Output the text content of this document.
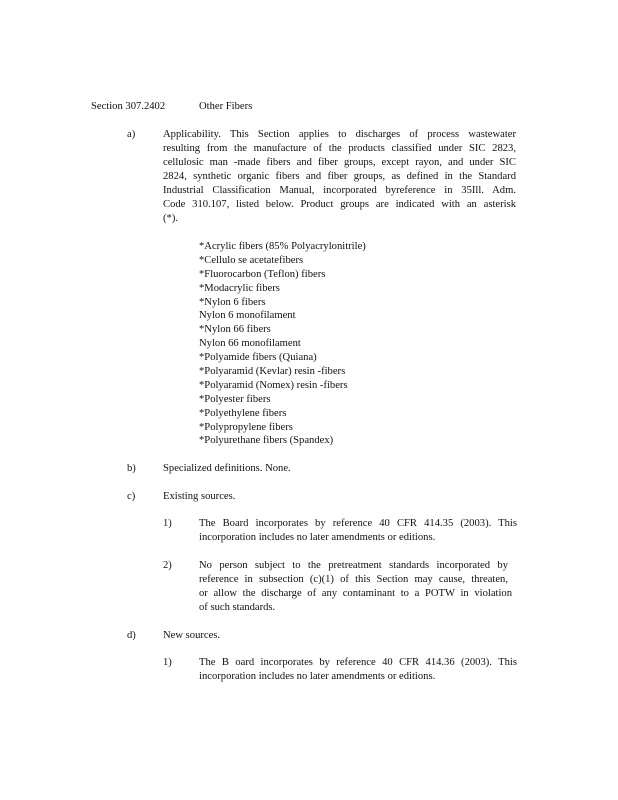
Section 307.2402	Other Fibers

a)	Applicability. This Section applies to discharges of process wastewater

resulting from the manufacture of the products classified under SIC 2823,

cellulosic man -made fibers and fiber groups, except rayon, and under SIC

2824, synthetic organic fibers and fiber groups, as defined in the Standard

Industrial Classification Manual, incorporated byreference in 35Ill. Adm.

Code 310.107, listed below. Product groups are indicated with an asterisk

(*).

*Acrylic fibers (85% Polyacrylonitrile)
*Cellulo se acetatefibers
*Fluorocarbon (Teflon) fibers
*Modacrylic fibers
*Nylon 6 fibers
Nylon 6 monofilament
*Nylon 66 fibers
Nylon 66 monofilament
*Polyamide fibers (Quiana)
*Polyaramid (Kevlar) resin -fibers
*Polyaramid (Nomex) resin -fibers
*Polyester fibers
*Polyethylene fibers
*Polypropylene fibers
*Polyurethane fibers (Spandex)

b)	Specialized definitions. None.

c)	Existing sources.

1)	The Board incorporates by reference 40 CFR 414.35 (2003). This

incorporation includes no later amendments or editions.

2)	No person subject to the pretreatment standards incorporated by

reference in subsection (c)(1) of this Section may cause, threaten,

or allow the discharge of any contaminant to a POTW in violation

of such standards.

d)	New sources.

1)	The B oard incorporates by reference 40 CFR 414.36 (2003). This

incorporation includes no later amendments or editions.
